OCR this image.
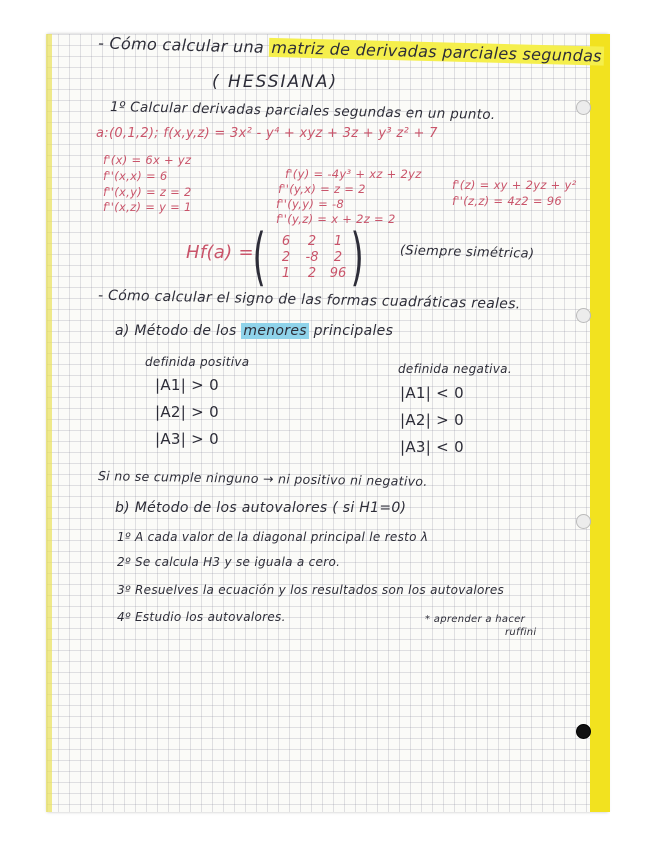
- Cómo calcular una matriz de derivadas parciales segundas
( HESSIANA)
1º Calcular derivadas parciales segundas en un punto.
a:(0,1,2); f(x,y,z) = 3x² - y⁴ + xyz + 3z + y³ z² + 7
f'(x) = 6x + yz
f''(x,x) = 6
f''(x,y) = z = 2
f''(x,z) = y = 1
f'(y) = -4y³ + xz + 2yz
f''(y,x) = z = 2
f''(y,y) = -8
f''(y,z) = x + 2z = 2
f'(z) = xy + 2yz + y²
f''(z,z) = 4z2 = 96
Hf(a) =
( )
6	2	1
2	-8	2
1	2	96
(Siempre simétrica)
- Cómo calcular el signo de las formas cuadráticas reales.
a) Método de los menores principales
definida positiva
|A1| > 0
|A2| > 0
|A3| > 0
definida negativa.
|A1| < 0
|A2| > 0
|A3| < 0
Si no se cumple ninguno → ni positivo ni negativo.
b) Método de los autovalores ( si H1=0)
1º A cada valor de la diagonal principal le resto λ
2º Se calcula H3 y se iguala a cero.
3º Resuelves la ecuación y los resultados son los autovalores
4º Estudio los autovalores.	* aprender a hacer
ruffini
